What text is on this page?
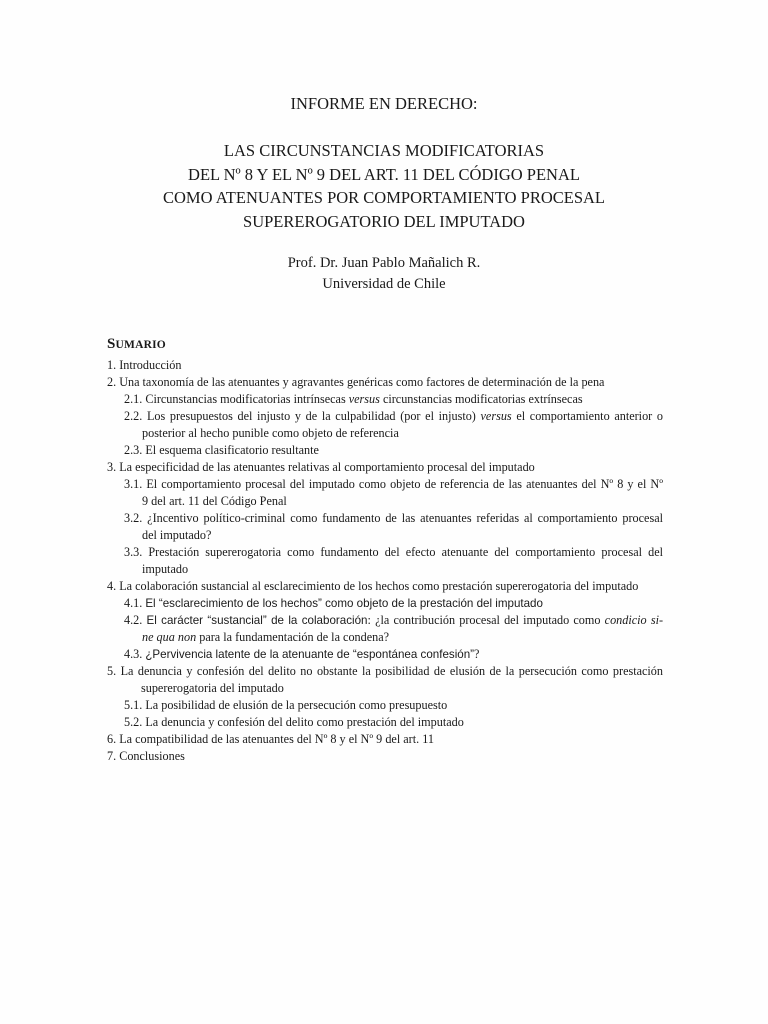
INFORME EN DERECHO:
LAS CIRCUNSTANCIAS MODIFICATORIAS
DEL Nº 8 Y EL Nº 9 DEL ART. 11 DEL CÓDIGO PENAL
COMO ATENUANTES POR COMPORTAMIENTO PROCESAL
SUPEREROGATORIO DEL IMPUTADO
Prof. Dr. Juan Pablo Mañalich R.
Universidad de Chile
SUMARIO
1. Introducción
2. Una taxonomía de las atenuantes y agravantes genéricas como factores de determinación de la pena
2.1. Circunstancias modificatorias intrínsecas versus circunstancias modificatorias extrínsecas
2.2. Los presupuestos del injusto y de la culpabilidad (por el injusto) versus el comportamiento anterior o
posterior al hecho punible como objeto de referencia
2.3. El esquema clasificatorio resultante
3. La especificidad de las atenuantes relativas al comportamiento procesal del imputado
3.1. El comportamiento procesal del imputado como objeto de referencia de las atenuantes del Nº 8 y el Nº
9 del art. 11 del Código Penal
3.2. ¿Incentivo político-criminal como fundamento de las atenuantes referidas al comportamiento procesal
del imputado?
3.3. Prestación supererogatoria como fundamento del efecto atenuante del comportamiento procesal del
imputado
4. La colaboración sustancial al esclarecimiento de los hechos como prestación supererogatoria del imputado
4.1. El “esclarecimiento de los hechos” como objeto de la prestación del imputado
4.2. El carácter “sustancial” de la colaboración: ¿la contribución procesal del imputado como condicio si-
ne qua non para la fundamentación de la condena?
4.3. ¿Pervivencia latente de la atenuante de “espontánea confesión”?
5. La denuncia y confesión del delito no obstante la posibilidad de elusión de la persecución como prestación
supererogatoria del imputado
5.1. La posibilidad de elusión de la persecución como presupuesto
5.2. La denuncia y confesión del delito como prestación del imputado
6. La compatibilidad de las atenuantes del Nº 8 y el Nº 9 del art. 11
7. Conclusiones
